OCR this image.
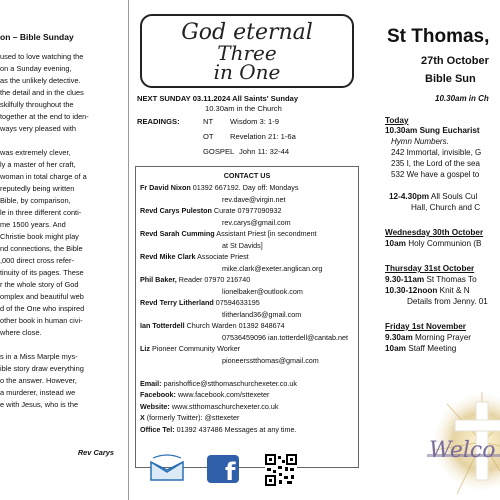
on – Bible Sunday
used to love watching the
on a Sunday evening,
as the unlikely detective.
the detail and in the clues
skilfully throughout the
together at the end to iden-
ways very pleased with
was extremely clever,
ly a master of her craft,
woman in total charge of a
reputedly being written
Bible, by comparison,
le in three different conti-
me 1500 years. And
Christie book might play
nd connections, the Bible
,000 direct cross refer-
tinuity of its pages. These
r the whole story of God
omplex and beautiful web
d of the One who inspired
other book in human civi-
where close.
s in a Miss Marple mys-
ible story draw everything
o the answer. However,
a murderer, instead we
e with Jesus, who is the
Rev Carys
God eternal
Three
in One
NEXT SUNDAY 03.11.2024 All Saints' Sunday
10.30am in the Church
READINGS:	NT Wisdom 3: 1-9
OT Revelation 21: 1-6a
GOSPEL John 11: 32-44
CONTACT US
Fr David Nixon 01392 667192. Day off: Mondays
rev.dave@virgin.net
Revd Carys Puleston Curate 07977090932
rev.carys@gmail.com
Revd Sarah Cumming Assistant Priest [in secondment
at St Davids]
Revd Mike Clark Associate Priest
mike.clark@exeter.anglican.org
Phil Baker, Reader 07970 216740
lionelbaker@outlook.com
Revd Terry Litherland 07594633195
tlitherland36@gmail.com
Ian Totterdell Church Warden 01392 848674
07536459096 ian.totterdell@cantab.net
Liz Pioneer Community Worker
pioneersstthomas@gmail.com
Email: parishoffice@stthomaschurchexeter.co.uk
Facebook: www.facebook.com/sttexeter
Website: www.stthomaschurchexeter.co.uk
X (formerly Twitter): @sttexeter
Office Tel: 01392 437486 Messages at any time.
f
St Thomas,
27th October
Bible Sun
10.30am in Ch
Today
10.30am Sung Eucharist
Hymn Numbers.
242 Immortal, invisible, G
235 I, the Lord of the sea
532 We have a gospel to
12-4.30pm All Souls Cul
Hall, Church and C
Wednesday 30th October
10am Holy Communion (B
Thursday 31st October
9.30-11am St Thomas To
10.30-12noon Knit & N
Details from Jenny. 01
Friday 1st November
9.30am Morning Prayer
10am Staff Meeting
Welco
